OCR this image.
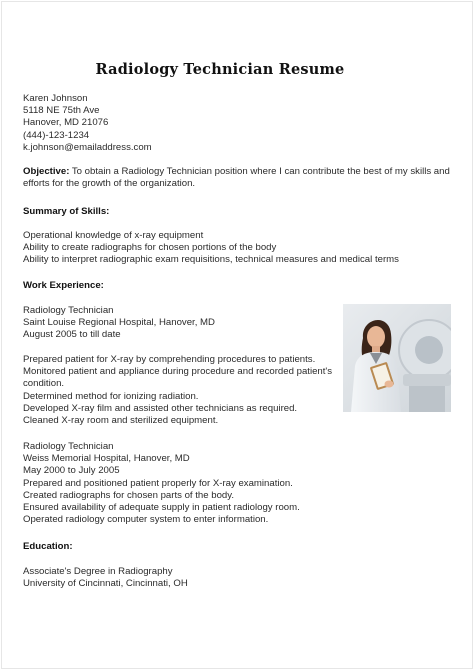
Radiology Technician Resume
Karen Johnson
5118 NE 75th Ave
Hanover, MD 21076
(444)-123-1234
k.johnson@emailaddress.com
Objective: To obtain a Radiology Technician position where I can contribute the best of my skills and efforts for the growth of the organization.
Summary of Skills:
Operational knowledge of x-ray equipment
Ability to create radiographs for chosen portions of the body
Ability to interpret radiographic exam requisitions, technical measures and medical terms
Work Experience:
Radiology Technician
Saint Louise Regional Hospital, Hanover, MD
August 2005 to till date
Prepared patient for X-ray by comprehending procedures to patients.
Monitored patient and appliance during procedure and recorded patient's condition.
Determined method for ionizing radiation.
Developed X-ray film and assisted other technicians as required.
Cleaned X-ray room and sterilized equipment.
Radiology Technician
Weiss Memorial Hospital, Hanover, MD
May 2000 to July 2005
Prepared and positioned patient properly for X-ray examination.
Created radiographs for chosen parts of the body.
Ensured availability of adequate supply in patient radiology room.
Operated radiology computer system to enter information.
Education:
Associate's Degree in Radiography
University of Cincinnati, Cincinnati, OH
